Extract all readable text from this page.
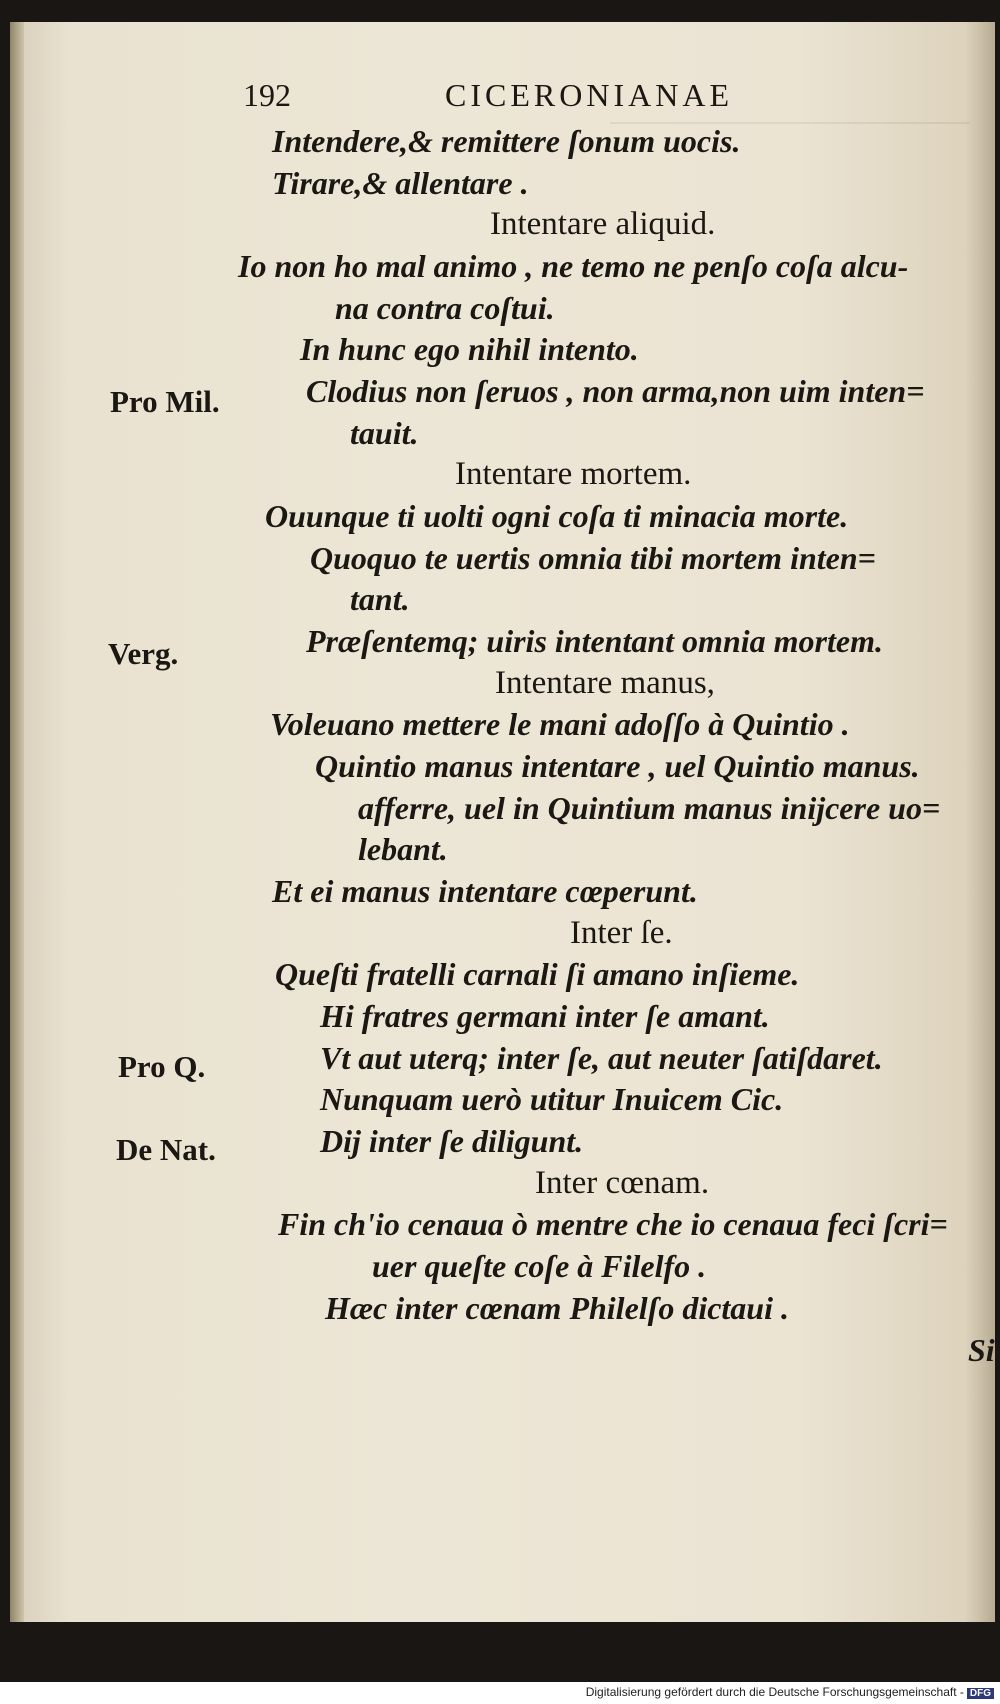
192	CICERONIANAE
Intendere,& remittere ſonum uocis.
Tirare,& allentare .
Intentare aliquid.
Io non ho mal animo , ne temo ne penſo coſa alcu-
na contra coſtui.
In hunc ego nihil intento.
Clodius non ſeruos , non arma,non uim inten=
tauit.
Intentare mortem.
Ouunque ti uolti ogni coſa ti minacia morte.
Quoquo te uertis omnia tibi mortem inten=
tant.
Præſentemq; uiris intentant omnia mortem.
Intentare manus,
Voleuano mettere le mani adoſſo à Quintio .
Quintio manus intentare , uel Quintio manus.
afferre, uel in Quintium manus inijcere uo=
lebant.
Et ei manus intentare cœperunt.
Inter ſe.
Queſti fratelli carnali ſi amano inſieme.
Hi fratres germani inter ſe amant.
Vt aut uterq; inter ſe, aut neuter ſatiſdaret.
Nunquam uerò utitur Inuicem Cic.
Dij inter ſe diligunt.
Inter cœnam.
Fin ch'io cenaua ò mentre che io cenaua feci ſcri=
uer queſte coſe à Filelfo .
Hæc inter cœnam Philelſo dictaui .
Pro Mil.
Verg.
Pro Q.
De Nat.
Si
Digitalisierung gefördert durch die Deutsche Forschungsgemeinschaft - DFG
